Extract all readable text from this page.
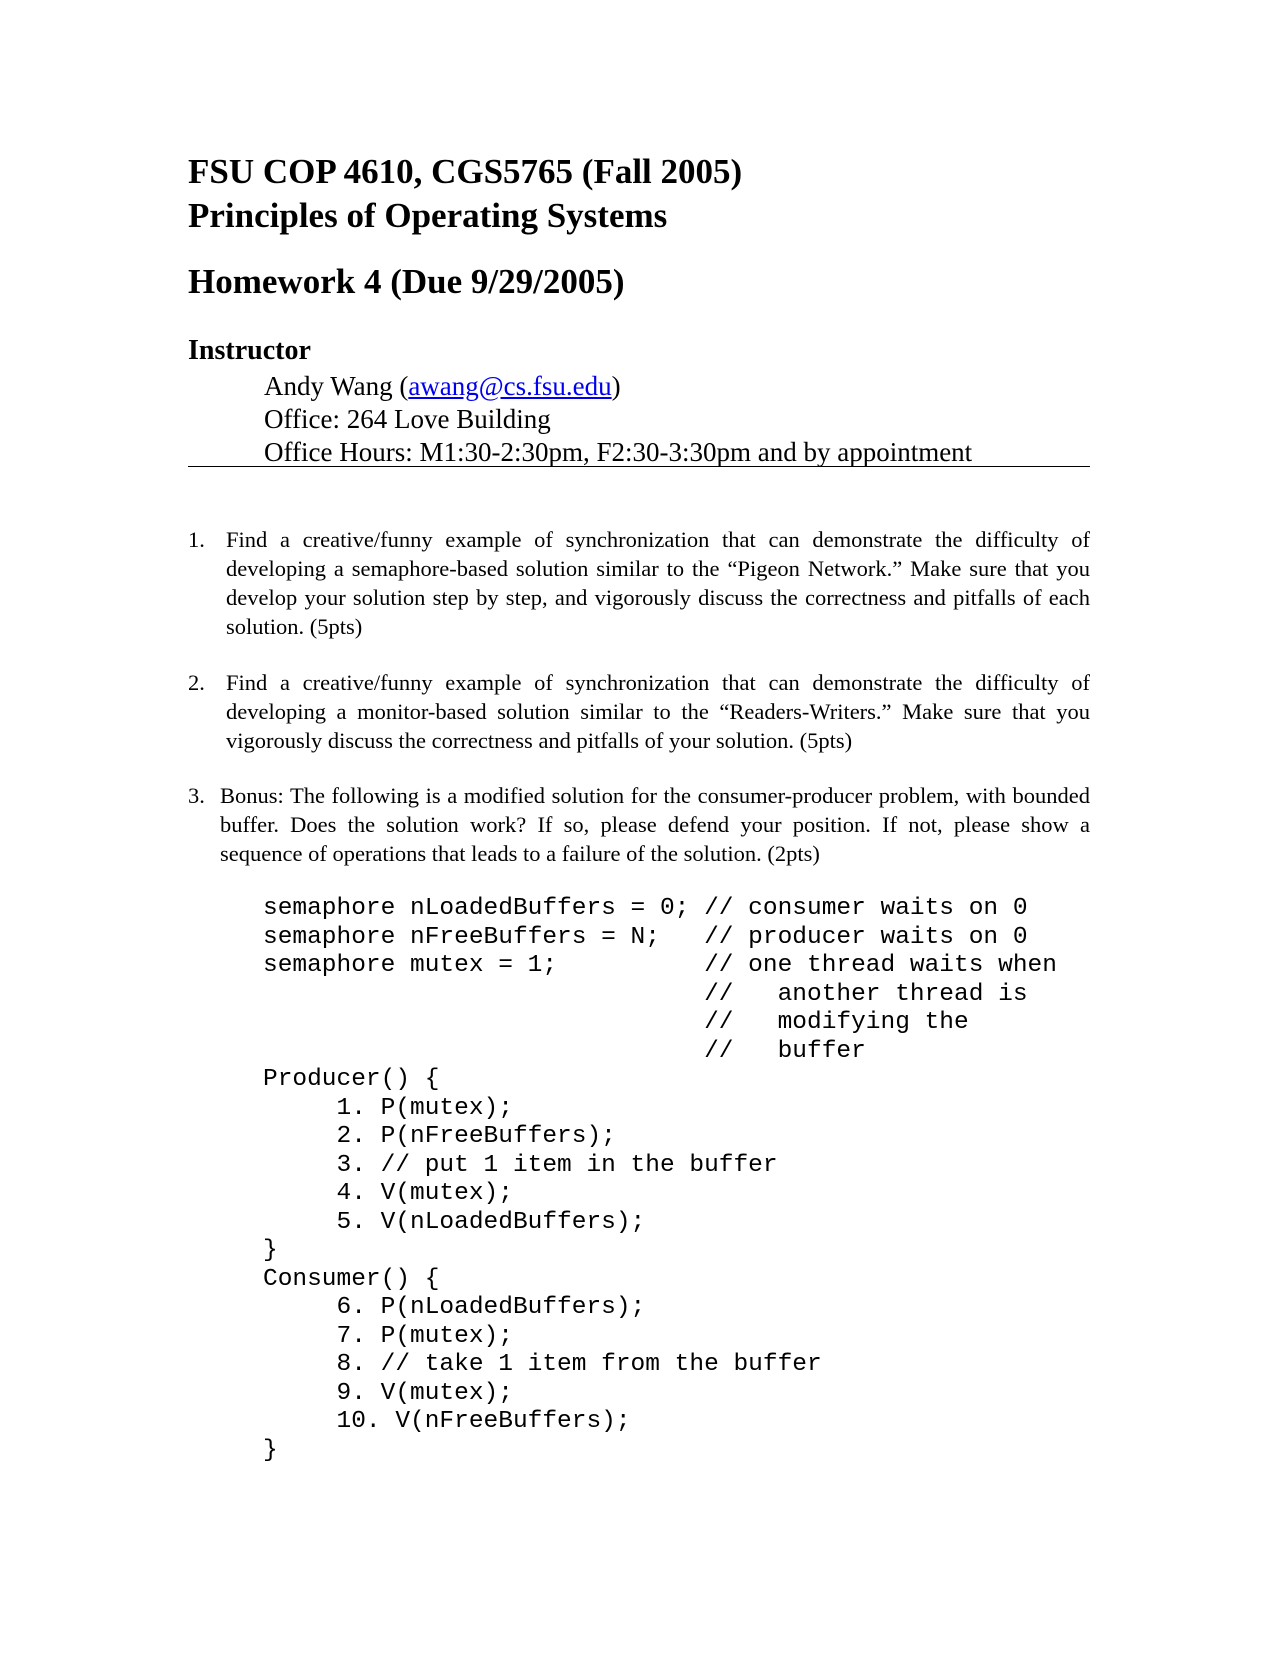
FSU COP 4610, CGS5765 (Fall 2005)
Principles of Operating Systems
Homework 4 (Due 9/29/2005)
Instructor
Andy Wang (awang@cs.fsu.edu)
Office: 264 Love Building
Office Hours: M1:30-2:30pm, F2:30-3:30pm and by appointment
1. Find a creative/funny example of synchronization that can demonstrate the difficulty of developing a semaphore-based solution similar to the “Pigeon Network.” Make sure that you develop your solution step by step, and vigorously discuss the correctness and pitfalls of each solution. (5pts)
2. Find a creative/funny example of synchronization that can demonstrate the difficulty of developing a monitor-based solution similar to the “Readers-Writers.” Make sure that you vigorously discuss the correctness and pitfalls of your solution. (5pts)
3. Bonus: The following is a modified solution for the consumer-producer problem, with bounded buffer. Does the solution work? If so, please defend your position. If not, please show a sequence of operations that leads to a failure of the solution. (2pts)
semaphore nLoadedBuffers = 0; // consumer waits on 0
semaphore nFreeBuffers = N;   // producer waits on 0
semaphore mutex = 1;          // one thread waits when
//   another thread is
//   modifying the
//   buffer
Producer() {
1. P(mutex);
2. P(nFreeBuffers);
3. // put 1 item in the buffer
4. V(mutex);
5. V(nLoadedBuffers);
}
Consumer() {
6. P(nLoadedBuffers);
7. P(mutex);
8. // take 1 item from the buffer
9. V(mutex);
10. V(nFreeBuffers);
}
